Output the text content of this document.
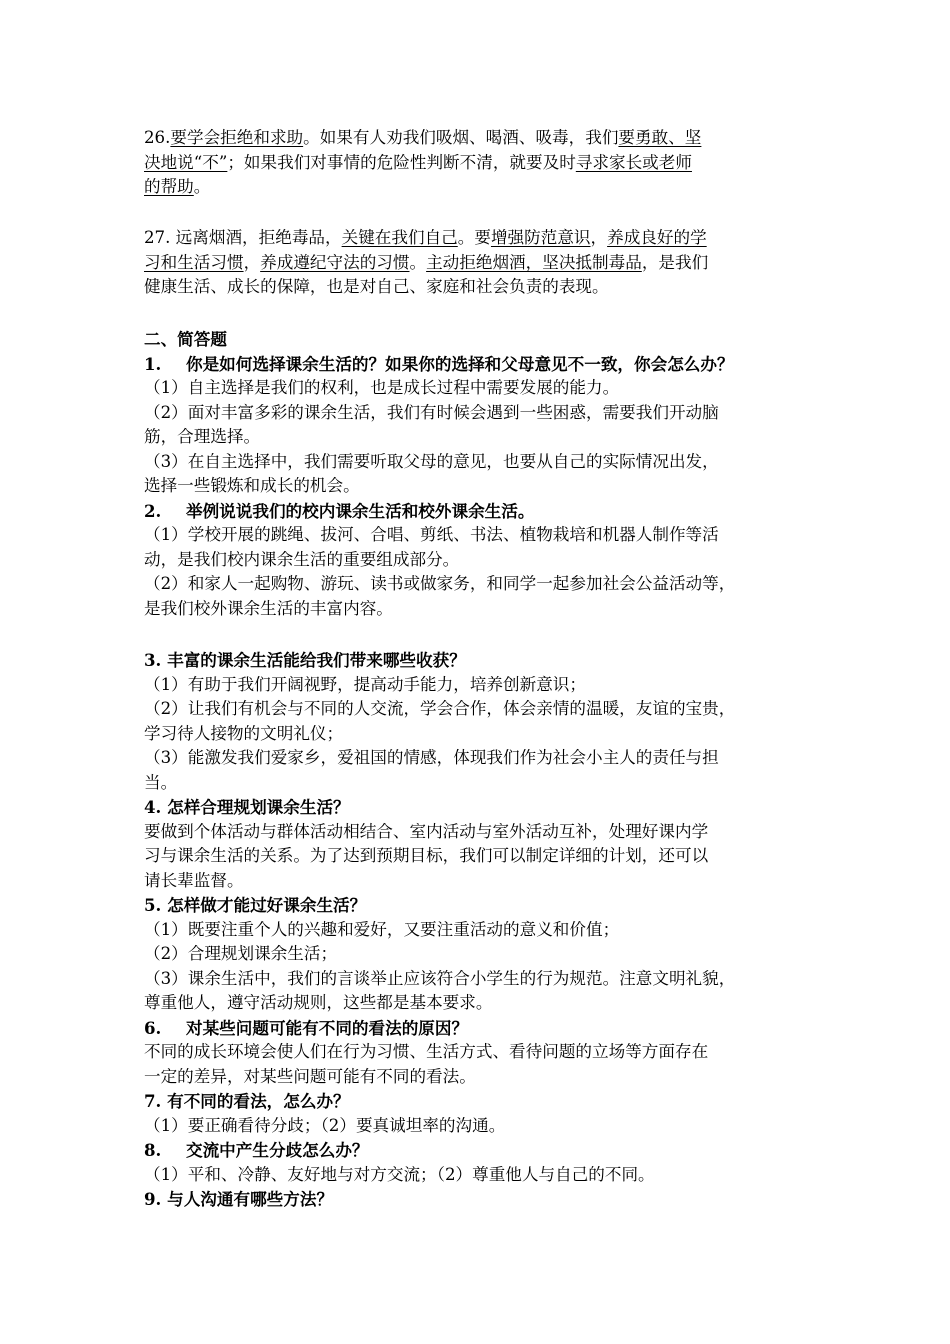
26.要学会拒绝和求助。如果有人劝我们吸烟、喝酒、吸毒，我们要勇敢、坚
决地说“不”；如果我们对事情的危险性判断不清，就要及时寻求家长或老师
的帮助。
27. 远离烟酒，拒绝毒品，关键在我们自己。要增强防范意识，养成良好的学
习和生活习惯，养成遵纪守法的习惯。主动拒绝烟酒，坚决抵制毒品，是我们
健康生活、成长的保障，也是对自己、家庭和社会负责的表现。
二、简答题
1. 你是如何选择课余生活的？如果你的选择和父母意见不一致，你会怎么办？
（1）自主选择是我们的权利，也是成长过程中需要发展的能力。
（2）面对丰富多彩的课余生活，我们有时候会遇到一些困惑，需要我们开动脑
筋，合理选择。
（3）在自主选择中，我们需要听取父母的意见，也要从自己的实际情况出发，
选择一些锻炼和成长的机会。
2. 举例说说我们的校内课余生活和校外课余生活。
（1）学校开展的跳绳、拔河、合唱、剪纸、书法、植物栽培和机器人制作等活
动，是我们校内课余生活的重要组成部分。
（2）和家人一起购物、游玩、读书或做家务，和同学一起参加社会公益活动等，
是我们校外课余生活的丰富内容。
3. 丰富的课余生活能给我们带来哪些收获？
（1）有助于我们开阔视野，提高动手能力，培养创新意识；
（2）让我们有机会与不同的人交流，学会合作，体会亲情的温暖，友谊的宝贵，
学习待人接物的文明礼仪；
（3）能激发我们爱家乡，爱祖国的情感，体现我们作为社会小主人的责任与担
当。
4. 怎样合理规划课余生活？
要做到个体活动与群体活动相结合、室内活动与室外活动互补，处理好课内学
习与课余生活的关系。为了达到预期目标，我们可以制定详细的计划，还可以
请长辈监督。
5. 怎样做才能过好课余生活？
（1）既要注重个人的兴趣和爱好，又要注重活动的意义和价值；
（2）合理规划课余生活；
（3）课余生活中，我们的言谈举止应该符合小学生的行为规范。注意文明礼貌，
尊重他人，遵守活动规则，这些都是基本要求。
6. 对某些问题可能有不同的看法的原因？
不同的成长环境会使人们在行为习惯、生活方式、看待问题的立场等方面存在
一定的差异，对某些问题可能有不同的看法。
7. 有不同的看法，怎么办？
（1）要正确看待分歧；（2）要真诚坦率的沟通。
8. 交流中产生分歧怎么办？
（1）平和、冷静、友好地与对方交流；（2）尊重他人与自己的不同。
9. 与人沟通有哪些方法？
